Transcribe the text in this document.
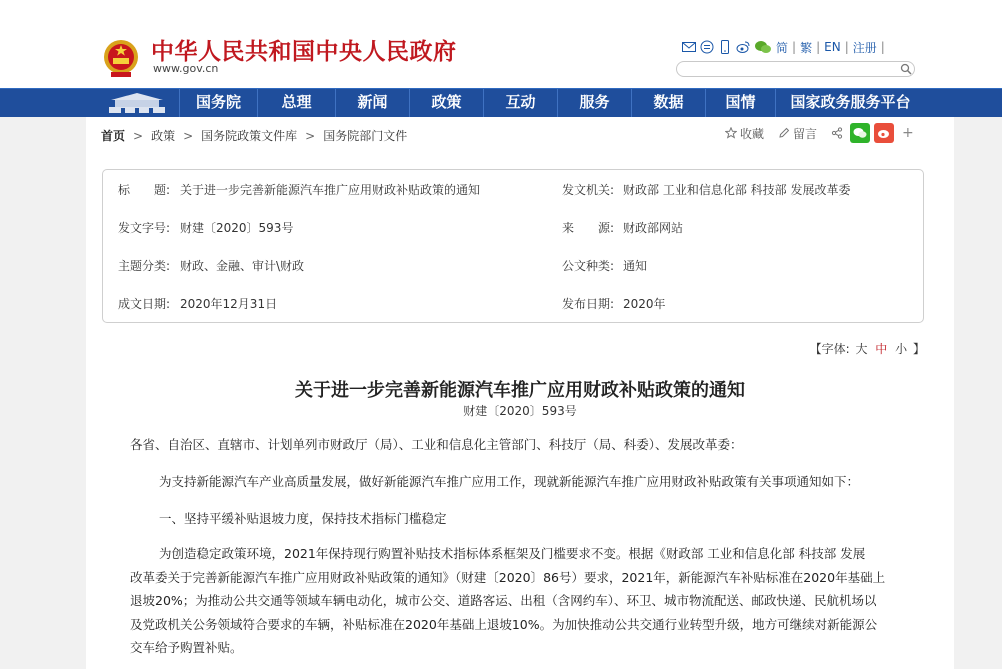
中华人民共和国中央人民政府
www.gov.cn
简 | 繁 | EN | 注册 |
国务院	总理	新闻	政策	互动	服务	数据	国情	国家政务服务平台
首页 > 政策 > 国务院政策文件库 > 国务院部门文件	收藏 留言	+
标　　题: 关于进一步完善新能源汽车推广应用财政补贴政策的通知	发文机关: 财政部 工业和信息化部 科技部 发展改革委
发文字号: 财建〔2020〕593号	来　　源: 财政部网站
主题分类: 财政、金融、审计\财政	公文种类: 通知
成文日期: 2020年12月31日	发布日期: 2020年
【字体: 大 中 小 】
关于进一步完善新能源汽车推广应用财政补贴政策的通知
财建〔2020〕593号
各省、自治区、直辖市、计划单列市财政厅（局）、工业和信息化主管部门、科技厅（局、科委）、发展改革委：
为支持新能源汽车产业高质量发展，做好新能源汽车推广应用工作，现就新能源汽车推广应用财政补贴政策有关事项通知如下：
一、坚持平缓补贴退坡力度，保持技术指标门槛稳定
为创造稳定政策环境，2021年保持现行购置补贴技术指标体系框架及门槛要求不变。根据《财政部 工业和信息化部 科技部 发展
改革委关于完善新能源汽车推广应用财政补贴政策的通知》（财建〔2020〕86号）要求，2021年，新能源汽车补贴标准在2020年基础上
退坡20%；为推动公共交通等领域车辆电动化，城市公交、道路客运、出租（含网约车）、环卫、城市物流配送、邮政快递、民航机场以
及党政机关公务领域符合要求的车辆，补贴标准在2020年基础上退坡10%。为加快推动公共交通行业转型升级，地方可继续对新能源公
交车给予购置补贴。
